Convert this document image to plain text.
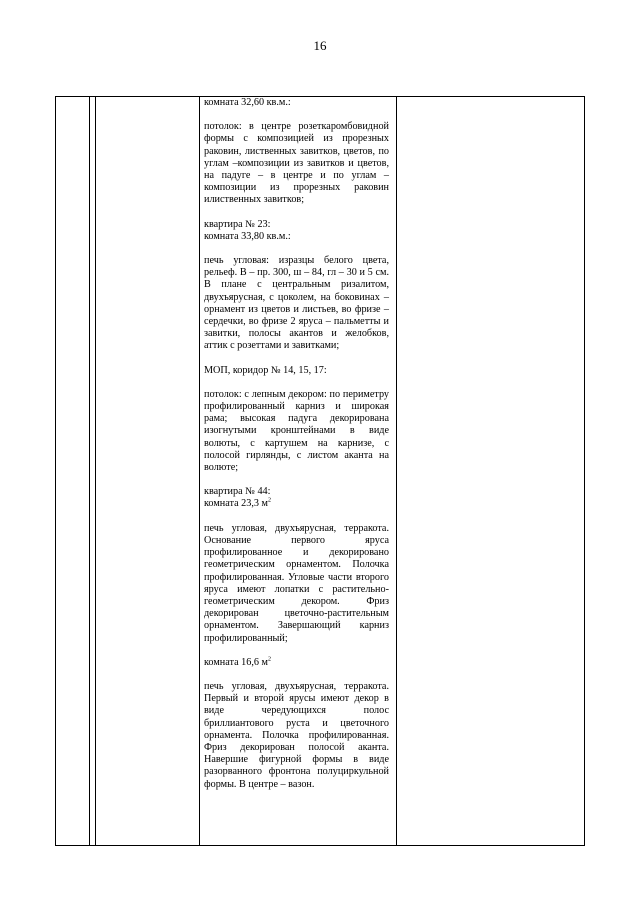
16

комната 32,60 кв.м.:

потолок: в центре розеткаромбовидной формы с композицией из прорезных раковин, лиственных завитков, цветов, по углам –композиции из завитков и цветов, на падуге – в центре и по углам – композиции из прорезных раковин илиственных завитков;

квартира № 23:
комната 33,80 кв.м.:

печь угловая: изразцы белого цвета, рельеф. В – пр. 300, ш – 84, гл – 30 и 5 см. В плане с центральным ризалитом, двухъярусная, с цоколем, на боковинах – орнамент из цветов и листьев, во фризе – сердечки, во фризе 2 яруса – пальметты и завитки, полосы акантов и желобков, аттик с розеттами и завитками;

МОП, коридор № 14, 15, 17:

потолок: с лепным декором: по периметру профилированный карниз и широкая рама; высокая падуга декорирована изогнутыми кронштейнами в виде волюты, с картушем на карнизе, с полосой гирлянды, с листом аканта на волюте;

квартира № 44:
комната 23,3 $м^2$

печь угловая, двухъярусная, терракота. Основание первого яруса профилированное и декорировано геометрическим орнаментом. Полочка профилированная. Угловые части второго яруса имеют лопатки с растительно-геометрическим декором. Фриз декорирован цветочно-растительным орнаментом. Завершающий карниз профилированный;

комната 16,6 $м^2$

печь угловая, двухъярусная, терракота. Первый и второй ярусы имеют декор в виде чередующихся полос бриллиантового руста и цветочного орнамента. Полочка профилированная. Фриз декорирован полосой аканта. Навершие фигурной формы в виде разорванного фронтона полуциркульной формы. В центре – вазон.
